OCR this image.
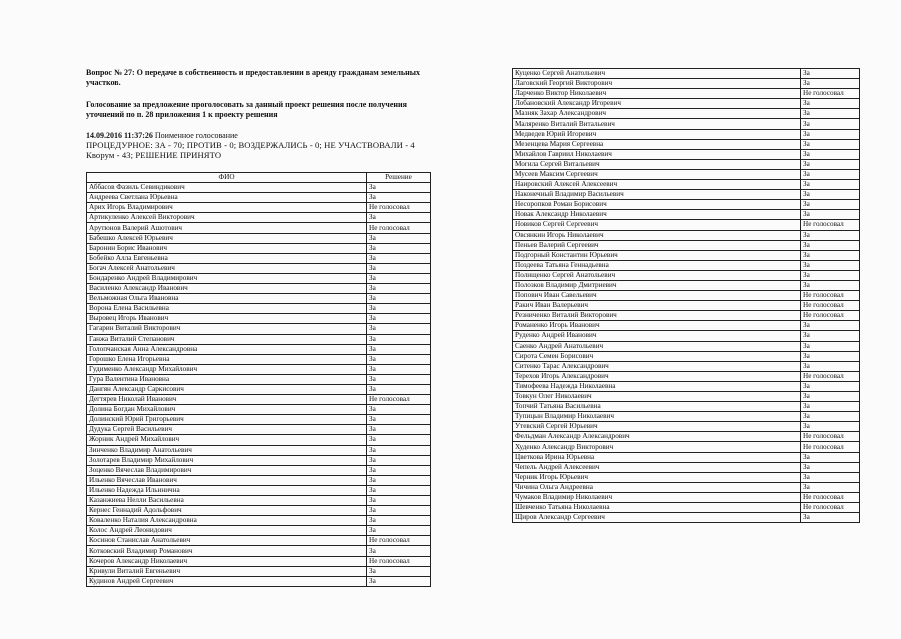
Вопрос № 27: О передаче в собственность и предоставлении в аренду гражданам земельных участков.

Голосование за предложение проголосовать за данный проект решения после получения уточнений по п. 28 приложения 1 к проекту решения

14.09.2016 11:37:26 Поименное голосование
ПРОЦЕДУРНОЕ: ЗА - 70; ПРОТИВ - 0; ВОЗДЕРЖАЛИСЬ - 0; НЕ УЧАСТВОВАЛИ - 4
Кворум - 43; РЕШЕНИЕ ПРИНЯТО
ФИО	Решение
Аббасов Фазиль Севиндикович	За
Андреева Светлана Юрьевна	За
Арих Игорь Владимирович	Не голосовал
Артикуленко Алексей Викторович	За
Арутюнов Валерий Ашотович	Не голосовал
Бабешко Алексей Юрьевич	За
Баронин Борис Иванович	За
Бобейко Алла Евгеньевна	За
Богач Алексей Анатольевич	За
Бондаренко Андрей Владимирович	За
Василенко Александр Иванович	За
Вельможная Ольга Ивановна	За
Ворона Елена Васильевна	За
Выровец Игорь Иванович	За
Гагарин Виталий Викторович	За
Ганжа Виталий Степанович	За
Голопчанская Анна Александровна	За
Горошко Елена Игорьевна	За
Гудименко Александр Михайлович	За
Гура Валентина Ивановна	За
Дангян Александр Саркисович	За
Дегтярев Николай Иванович	Не голосовал
Долина Богдан Михайлович	За
Долинский Юрий Григорьевич	За
Дудука Сергей Васильевич	За
Жорник Андрей Михайлович	За
Зинченко Владимир Анатольевич	За
Золотарев Владимир Михайлович	За
Зоценко Вячеслав Владимирович	За
Ильенко Вячеслав Иванович	За
Ильенко Надежда Ильинична	За
Казанжиева Нелли Васильевна	За
Кернес Геннадий Адольфович	За
Коваленко Наталия Александровна	За
Колос Андрей Леонидович	За
Косинов Станислав Анатольевич	Не голосовал
Котковский Владимир Романович	За
Кочеров Александр Николаевич	Не голосовал
Кривули Виталий Евгеньевич	За
Кудинов Андрей Сергеевич	За
Куценко Сергей Анатольевич	За
Лаговский Георгий Викторович	За
Ларченко Виктор Николаевич	Не голосовал
Лобановский Александр Игоревич	За
Мазняк Захар Александрович	За
Маляренко Виталий Витальевич	За
Медведев Юрий Игоревич	За
Мезенцева Мария Сергеевна	За
Михайлов Гавриил Николаевич	За
Могила Сергей Витальевич	За
Мусеев Максим Сергеевич	За
Наировский Алексей Алексеевич	За
Наконечный Владимир Васильевич	За
Несоропков Роман Борисович	За
Новак Александр Николаевич	За
Новиков Сергей Сергеевич	Не голосовал
Овсянкин Игорь Николаевич	За
Пеньев Валерий Сергеевич	За
Подгорный Константин Юрьевич	За
Поздеева Татьяна Геннадьевна	За
Полищенко Сергей Анатольевич	За
Полозков Владимир Дмитриевич	За
Попович Иван Савельевич	Не голосовал
Ракич Иван Валерьевич	Не голосовал
Резниченко Виталий Викторович	Не голосовал
Романенко Игорь Иванович	За
Руденко Андрей Иванович	За
Саенко Андрей Анатольевич	За
Сирота Семен Борисович	За
Ситенко Тарас Александрович	За
Терехов Игорь Александрович	Не голосовал
Тимофеева Надежда Николаевна	За
Товкун Олег Николаевич	За
Топчий Татьяна Васильевна	За
Тупицын Владимир Николаевич	За
Утевский Сергей Юрьевич	За
Фельдман Александр Александрович	Не голосовал
Худенко Александр Викторович	Не голосовал
Цветкова Ирина Юрьевна	За
Чепель Андрей Алексеевич	За
Черник Игорь Юрьевич	За
Чичина Ольга Андреевна	За
Чумаков Владимир Николаевич	Не голосовал
Шевченко Татьяна Николаевна	Не голосовал
Щиров Александр Сергеевич	За
